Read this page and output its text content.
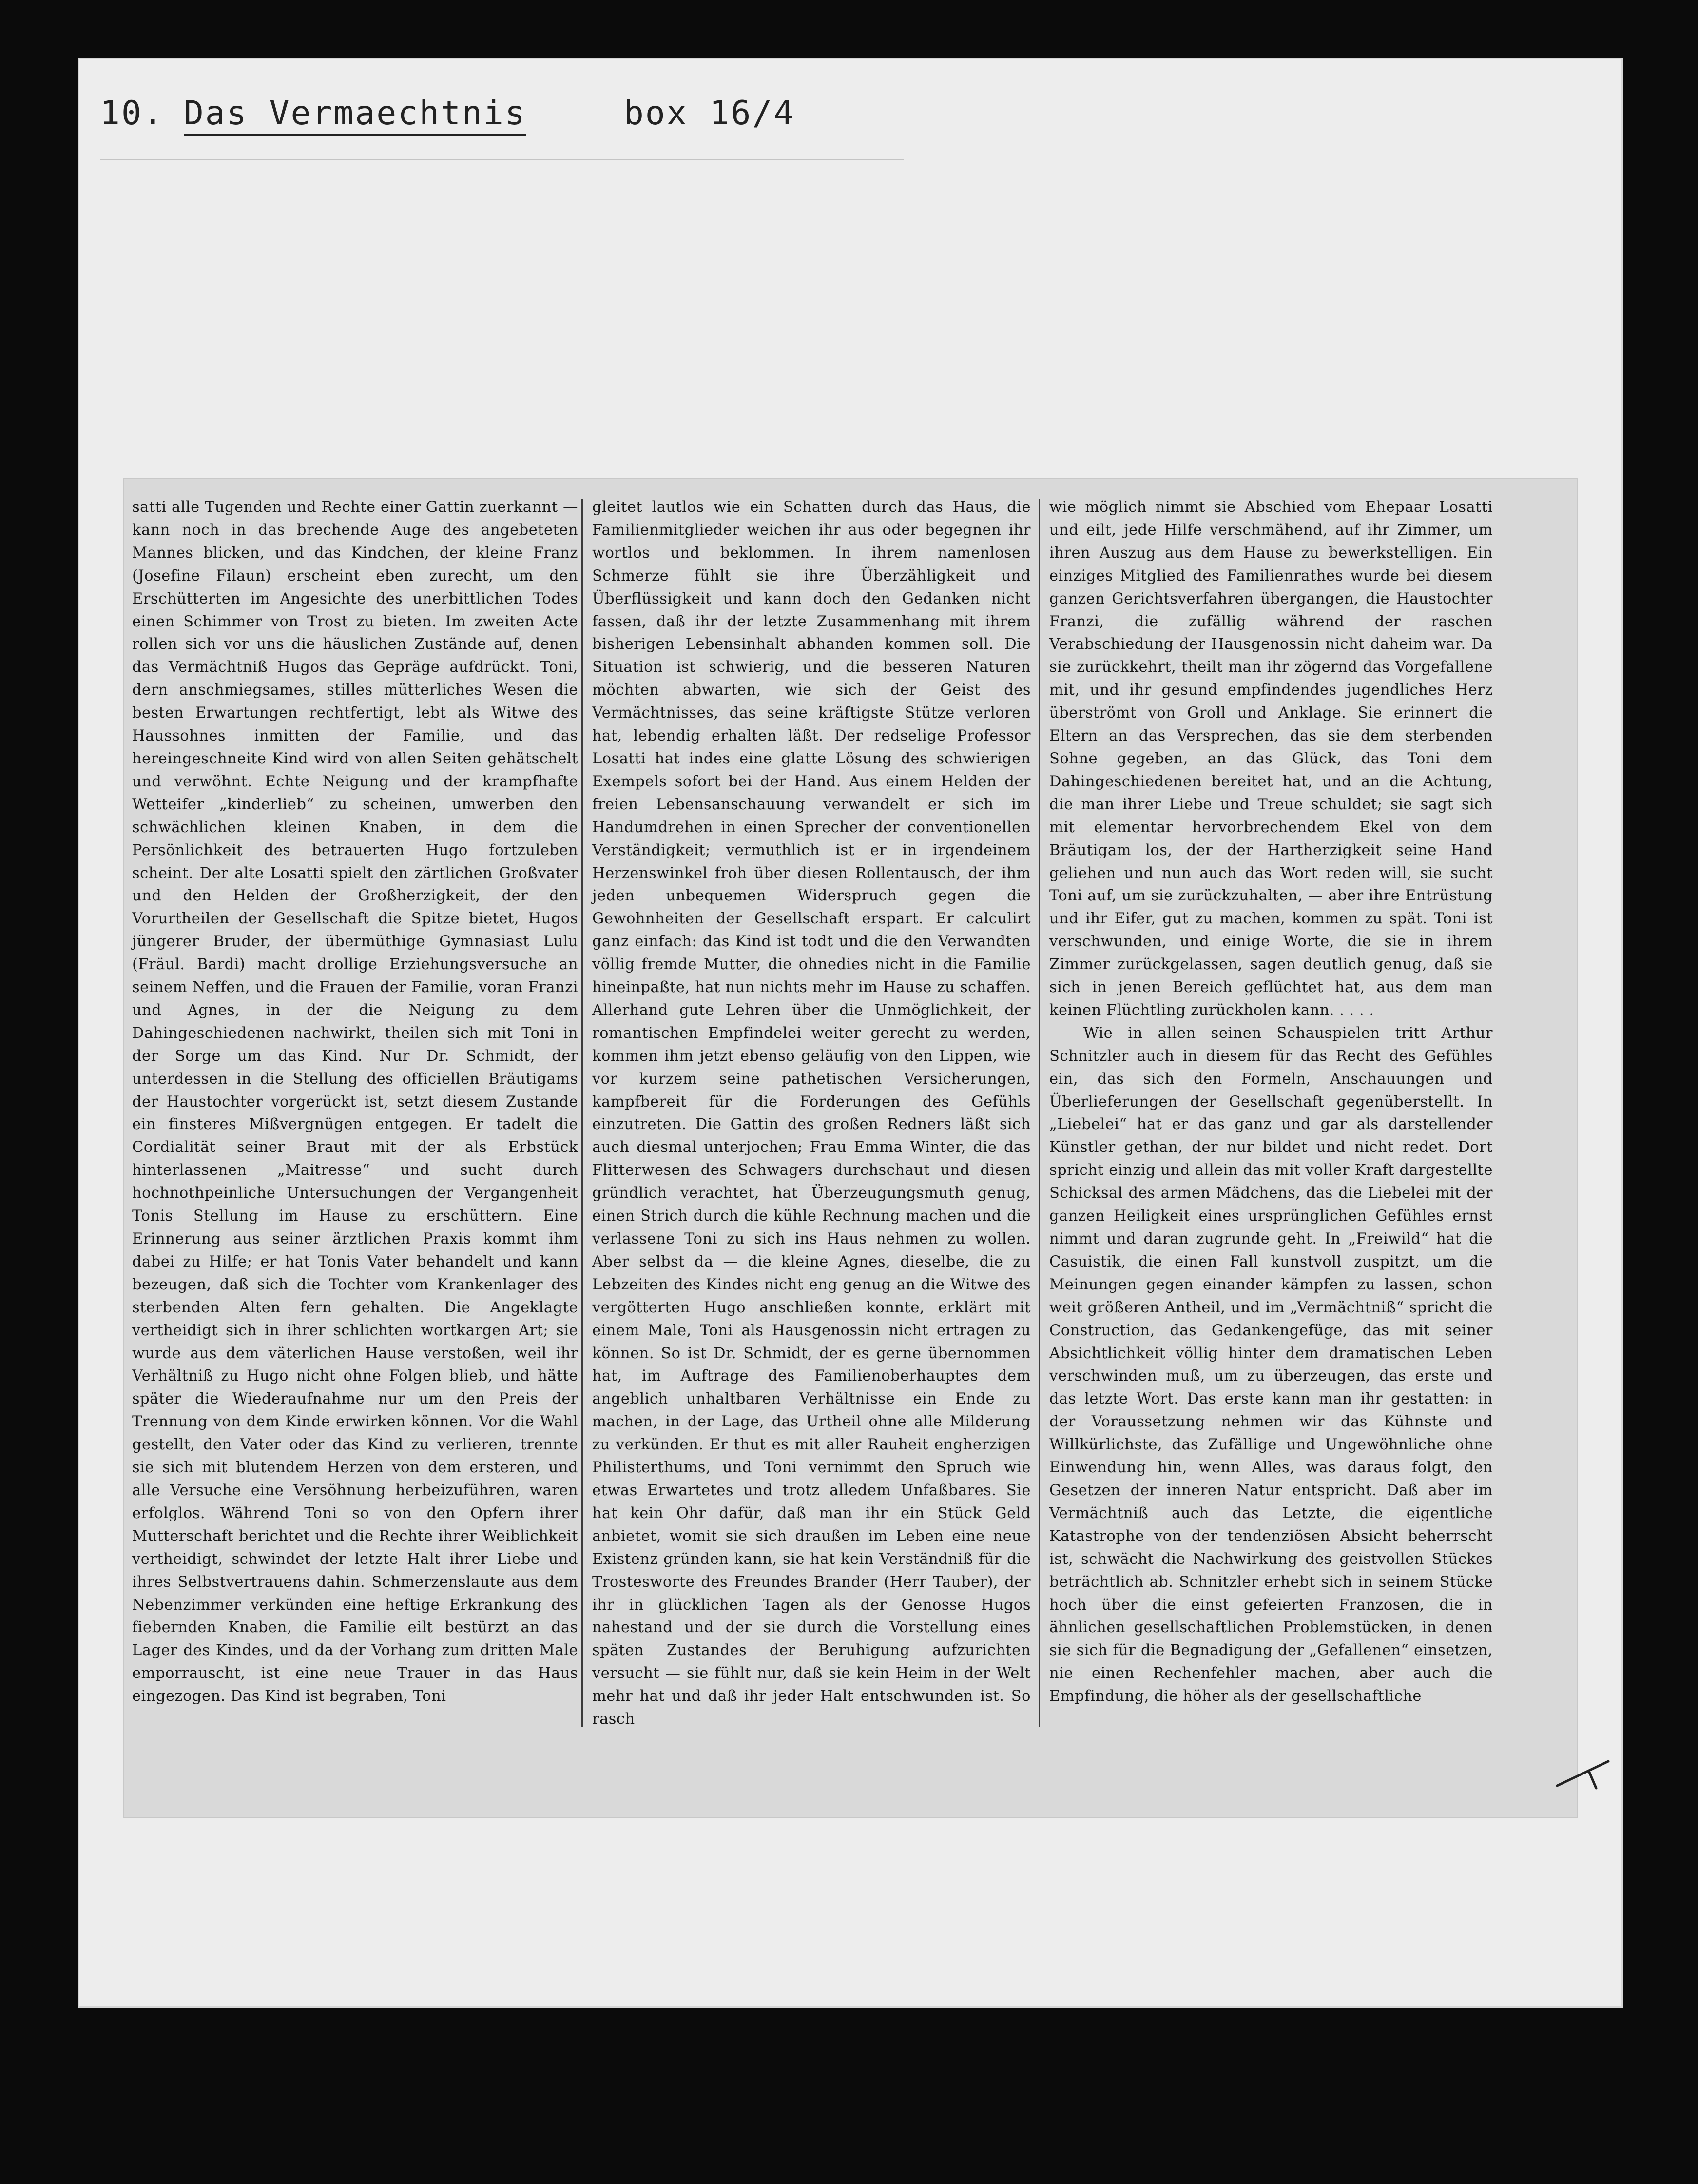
10. Das Vermaechtnis	box 16/4

satti alle Tugenden und Rechte einer Gattin zuerkannt — kann noch in das brechende Auge des angebeteten Mannes blicken, und das Kindchen, der kleine Franz (Josefine Filaun) erscheint eben zurecht, um den Erschütterten im Angesichte des unerbittlichen Todes einen Schimmer von Trost zu bieten. Im zweiten Acte rollen sich vor uns die häuslichen Zustände auf, denen das Vermächtniß Hugos das Gepräge aufdrückt. Toni, dern anschmiegsames, stilles mütterliches Wesen die besten Erwartungen rechtfertigt, lebt als Witwe des Haussohnes inmitten der Familie, und das hereingeschneite Kind wird von allen Seiten gehätschelt und verwöhnt. Echte Neigung und der krampfhafte Wetteifer „kinderlieb“ zu scheinen, umwerben den schwächlichen kleinen Knaben, in dem die Persönlichkeit des betrauerten Hugo fortzuleben scheint. Der alte Losatti spielt den zärtlichen Großvater und den Helden der Großherzigkeit, der den Vorurtheilen der Gesellschaft die Spitze bietet, Hugos jüngerer Bruder, der übermüthige Gymnasiast Lulu (Fräul. Bardi) macht drollige Erziehungsversuche an seinem Neffen, und die Frauen der Familie, voran Franzi und Agnes, in der die Neigung zu dem Dahingeschiedenen nachwirkt, theilen sich mit Toni in der Sorge um das Kind. Nur Dr. Schmidt, der unterdessen in die Stellung des officiellen Bräutigams der Haustochter vorgerückt ist, setzt diesem Zustande ein finsteres Mißvergnügen entgegen. Er tadelt die Cordialität seiner Braut mit der als Erbstück hinterlassenen „Maitresse“ und sucht durch hochnothpeinliche Untersuchungen der Vergangenheit Tonis Stellung im Hause zu erschüttern. Eine Erinnerung aus seiner ärztlichen Praxis kommt ihm dabei zu Hilfe; er hat Tonis Vater behandelt und kann bezeugen, daß sich die Tochter vom Krankenlager des sterbenden Alten fern gehalten. Die Angeklagte vertheidigt sich in ihrer schlichten wortkargen Art; sie wurde aus dem väterlichen Hause verstoßen, weil ihr Verhältniß zu Hugo nicht ohne Folgen blieb, und hätte später die Wiederaufnahme nur um den Preis der Trennung von dem Kinde erwirken können. Vor die Wahl gestellt, den Vater oder das Kind zu verlieren, trennte sie sich mit blutendem Herzen von dem ersteren, und alle Versuche eine Versöhnung herbeizuführen, waren erfolglos. Während Toni so von den Opfern ihrer Mutterschaft berichtet und die Rechte ihrer Weiblichkeit vertheidigt, schwindet der letzte Halt ihrer Liebe und ihres Selbstvertrauens dahin. Schmerzenslaute aus dem Nebenzimmer verkünden eine heftige Erkrankung des fiebernden Knaben, die Familie eilt bestürzt an das Lager des Kindes, und da der Vorhang zum dritten Male emporrauscht, ist eine neue Trauer in das Haus eingezogen. Das Kind ist begraben, Toni

gleitet lautlos wie ein Schatten durch das Haus, die Familienmitglieder weichen ihr aus oder begegnen ihr wortlos und beklommen. In ihrem namenlosen Schmerze fühlt sie ihre Überzähligkeit und Überflüssigkeit und kann doch den Gedanken nicht fassen, daß ihr der letzte Zusammenhang mit ihrem bisherigen Lebensinhalt abhanden kommen soll. Die Situation ist schwierig, und die besseren Naturen möchten abwarten, wie sich der Geist des Vermächtnisses, das seine kräftigste Stütze verloren hat, lebendig erhalten läßt. Der redselige Professor Losatti hat indes eine glatte Lösung des schwierigen Exempels sofort bei der Hand. Aus einem Helden der freien Lebensanschauung verwandelt er sich im Handumdrehen in einen Sprecher der conventionellen Verständigkeit; vermuthlich ist er in irgendeinem Herzenswinkel froh über diesen Rollentausch, der ihm jeden unbequemen Widerspruch gegen die Gewohnheiten der Gesellschaft erspart. Er calculirt ganz einfach: das Kind ist todt und die den Verwandten völlig fremde Mutter, die ohnedies nicht in die Familie hineinpaßte, hat nun nichts mehr im Hause zu schaffen. Allerhand gute Lehren über die Unmöglichkeit, der romantischen Empfindelei weiter gerecht zu werden, kommen ihm jetzt ebenso geläufig von den Lippen, wie vor kurzem seine pathetischen Versicherungen, kampfbereit für die Forderungen des Gefühls einzutreten. Die Gattin des großen Redners läßt sich auch diesmal unterjochen; Frau Emma Winter, die das Flitterwesen des Schwagers durchschaut und diesen gründlich verachtet, hat Überzeugungsmuth genug, einen Strich durch die kühle Rechnung machen und die verlassene Toni zu sich ins Haus nehmen zu wollen. Aber selbst da — die kleine Agnes, dieselbe, die zu Lebzeiten des Kindes nicht eng genug an die Witwe des vergötterten Hugo anschließen konnte, erklärt mit einem Male, Toni als Hausgenossin nicht ertragen zu können. So ist Dr. Schmidt, der es gerne übernommen hat, im Auftrage des Familienoberhauptes dem angeblich unhaltbaren Verhältnisse ein Ende zu machen, in der Lage, das Urtheil ohne alle Milderung zu verkünden. Er thut es mit aller Rauheit engherzigen Philisterthums, und Toni vernimmt den Spruch wie etwas Erwartetes und trotz alledem Unfaßbares. Sie hat kein Ohr dafür, daß man ihr ein Stück Geld anbietet, womit sie sich draußen im Leben eine neue Existenz gründen kann, sie hat kein Verständniß für die Trostesworte des Freundes Brander (Herr Tauber), der ihr in glücklichen Tagen als der Genosse Hugos nahestand und der sie durch die Vorstellung eines späten Zustandes der Beruhigung aufzurichten versucht — sie fühlt nur, daß sie kein Heim in der Welt mehr hat und daß ihr jeder Halt entschwunden ist. So rasch

wie möglich nimmt sie Abschied vom Ehepaar Losatti und eilt, jede Hilfe verschmähend, auf ihr Zimmer, um ihren Auszug aus dem Hause zu bewerkstelligen. Ein einziges Mitglied des Familienrathes wurde bei diesem ganzen Gerichtsverfahren übergangen, die Haustochter Franzi, die zufällig während der raschen Verabschiedung der Hausgenossin nicht daheim war. Da sie zurückkehrt, theilt man ihr zögernd das Vorgefallene mit, und ihr gesund empfindendes jugendliches Herz überströmt von Groll und Anklage. Sie erinnert die Eltern an das Versprechen, das sie dem sterbenden Sohne gegeben, an das Glück, das Toni dem Dahingeschiedenen bereitet hat, und an die Achtung, die man ihrer Liebe und Treue schuldet; sie sagt sich mit elementar hervorbrechendem Ekel von dem Bräutigam los, der der Hartherzigkeit seine Hand geliehen und nun auch das Wort reden will, sie sucht Toni auf, um sie zurückzuhalten, — aber ihre Entrüstung und ihr Eifer, gut zu machen, kommen zu spät. Toni ist verschwunden, und einige Worte, die sie in ihrem Zimmer zurückgelassen, sagen deutlich genug, daß sie sich in jenen Bereich geflüchtet hat, aus dem man keinen Flüchtling zurückholen kann. . . . .

Wie in allen seinen Schauspielen tritt Arthur Schnitzler auch in diesem für das Recht des Gefühles ein, das sich den Formeln, Anschauungen und Überlieferungen der Gesellschaft gegenüberstellt. In „Liebelei“ hat er das ganz und gar als darstellender Künstler gethan, der nur bildet und nicht redet. Dort spricht einzig und allein das mit voller Kraft dargestellte Schicksal des armen Mädchens, das die Liebelei mit der ganzen Heiligkeit eines ursprünglichen Gefühles ernst nimmt und daran zugrunde geht. In „Freiwild“ hat die Casuistik, die einen Fall kunstvoll zuspitzt, um die Meinungen gegen einander kämpfen zu lassen, schon weit größeren Antheil, und im „Vermächtniß“ spricht die Construction, das Gedankengefüge, das mit seiner Absichtlichkeit völlig hinter dem dramatischen Leben verschwinden muß, um zu überzeugen, das erste und das letzte Wort. Das erste kann man ihr gestatten: in der Voraussetzung nehmen wir das Kühnste und Willkürlichste, das Zufällige und Ungewöhnliche ohne Einwendung hin, wenn Alles, was daraus folgt, den Gesetzen der inneren Natur entspricht. Daß aber im Vermächtniß auch das Letzte, die eigentliche Katastrophe von der tendenziösen Absicht beherrscht ist, schwächt die Nachwirkung des geistvollen Stückes beträchtlich ab. Schnitzler erhebt sich in seinem Stücke hoch über die einst gefeierten Franzosen, die in ähnlichen gesellschaftlichen Problemstücken, in denen sie sich für die Begnadigung der „Gefallenen“ einsetzen, nie einen Rechenfehler machen, aber auch die Empfindung, die höher als der gesellschaftliche
